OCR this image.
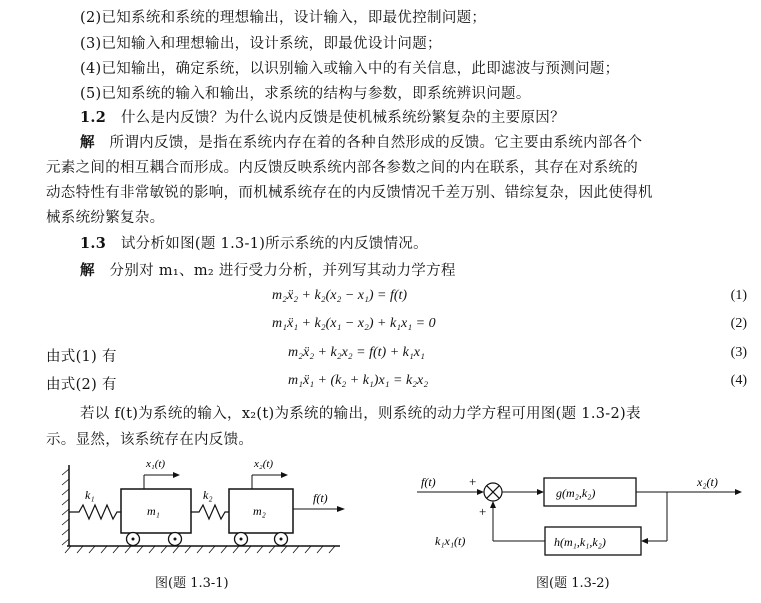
(2)已知系统和系统的理想输出，设计输入，即最优控制问题；
(3)已知输入和理想输出，设计系统，即最优设计问题；
(4)已知输出，确定系统，以识别输入或输入中的有关信息，此即滤波与预测问题；
(5)已知系统的输入和输出，求系统的结构与参数，即系统辨识问题。
1.2 什么是内反馈？为什么说内反馈是使机械系统纷繁复杂的主要原因？
解 所谓内反馈，是指在系统内存在着的各种自然形成的反馈。它主要由系统内部各个
元素之间的相互耦合而形成。内反馈反映系统内部各参数之间的内在联系，其存在对系统的
动态特性有非常敏锐的影响，而机械系统存在的内反馈情况千差万别、错综复杂，因此使得机
械系统纷繁复杂。
1.3 试分析如图(题 1.3-1)所示系统的内反馈情况。
解 分别对 m₁、m₂ 进行受力分析，并列写其动力学方程
m₂ẍ₂ + k₂(x₂ − x₁) = f(t)	(1)
m₁ẍ₁ + k₂(x₁ − x₂) + k₁x₁ = 0	(2)
由式(1) 有	m₂ẍ₂ + k₂x₂ = f(t) + k₁x₁	(3)
由式(2) 有	m₁ẍ₁ + (k₂ + k₁)x₁ = k₂x₂	(4)
若以 f(t)为系统的输入，x₂(t)为系统的输出，则系统的动力学方程可用图(题 1.3-2)表
示。显然，该系统存在内反馈。
k₁
m₁
x₁(t)
k₂
m₂
x₂(t)
f(t)
图(题 1.3-1)
f(t)	+
g(m₂,k₂)
x₂(t)
h(m₁,k₁,k₂)
+
k₁x₁(t)
图(题 1.3-2)
